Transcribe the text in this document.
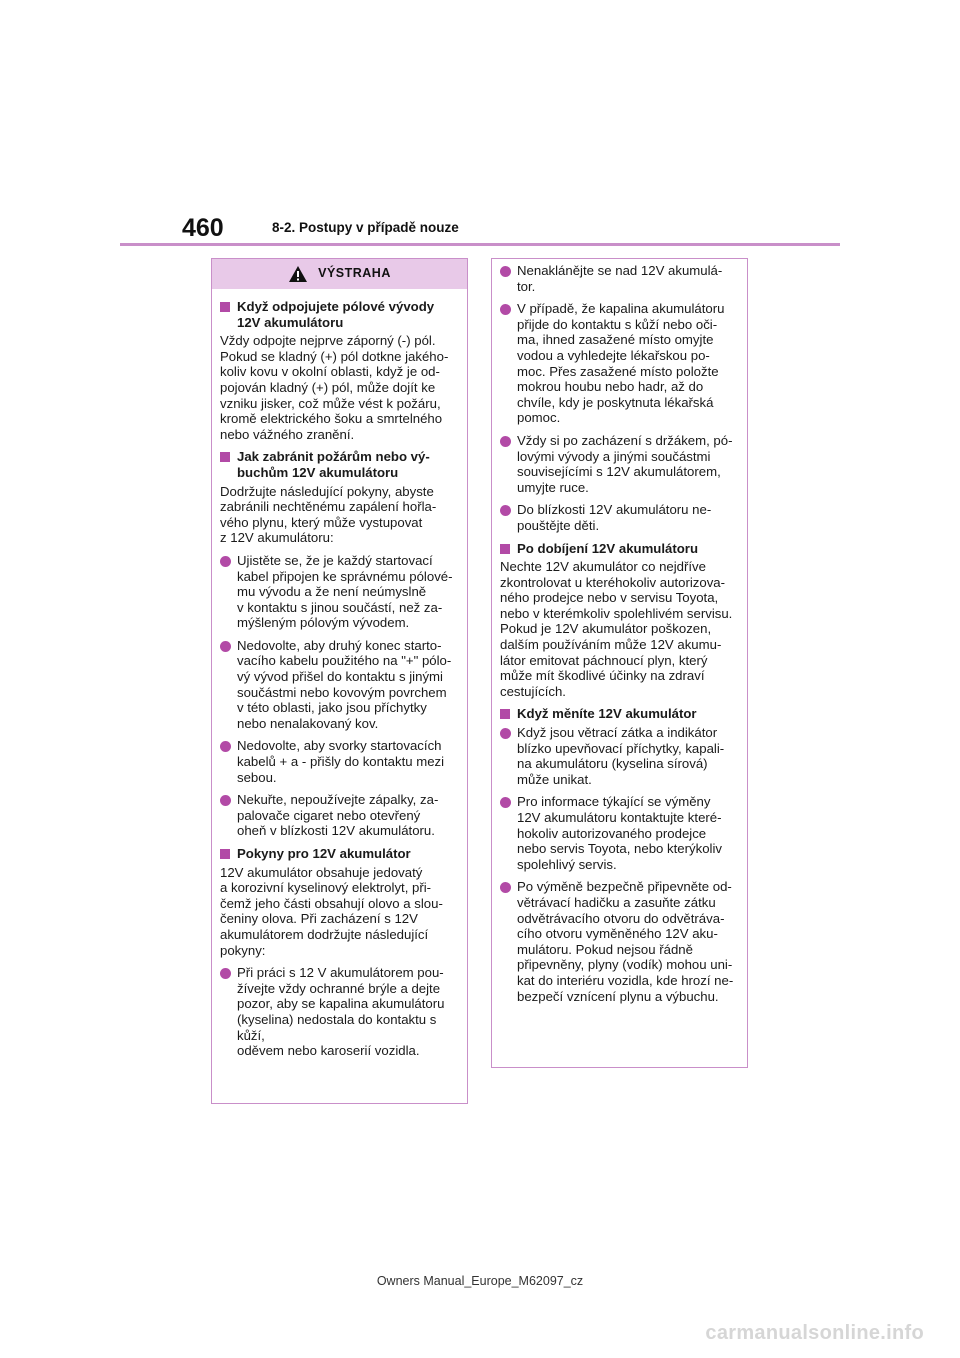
460	8-2. Postupy v případě nouze
VÝSTRAHA
Když odpojujete pólové vývody
12V akumulátoru
Vždy odpojte nejprve záporný (-) pól.
Pokud se kladný (+) pól dotkne jakého-
koliv kovu v okolní oblasti, když je od-
pojován kladný (+) pól, může dojít ke
vzniku jisker, což může vést k požáru,
kromě elektrického šoku a smrtelného
nebo vážného zranění.
Jak zabránit požárům nebo vý-
buchům 12V akumulátoru
Dodržujte následující pokyny, abyste
zabránili nechtěnému zapálení hořla-
vého plynu, který může vystupovat
z 12V akumulátoru:
Ujistěte se, že je každý startovací
kabel připojen ke správnému pólové-
mu vývodu a že není neúmyslně
v kontaktu s jinou součástí, než za-
mýšleným pólovým vývodem.
Nedovolte, aby druhý konec starto-
vacího kabelu použitého na "+" pólo-
vý vývod přišel do kontaktu s jinými
součástmi nebo kovovým povrchem
v této oblasti, jako jsou příchytky
nebo nenalakovaný kov.
Nedovolte, aby svorky startovacích
kabelů + a - přišly do kontaktu mezi
sebou.
Nekuřte, nepoužívejte zápalky, za-
palovače cigaret nebo otevřený
oheň v blízkosti 12V akumulátoru.
Pokyny pro 12V akumulátor
12V akumulátor obsahuje jedovatý
a korozivní kyselinový elektrolyt, při-
čemž jeho části obsahují olovo a slou-
čeniny olova. Při zacházení s 12V
akumulátorem dodržujte následující
pokyny:
Při práci s 12 V akumulátorem pou-
žívejte vždy ochranné brýle a dejte
pozor, aby se kapalina akumulátoru
(kyselina) nedostala do kontaktu s kůží,
oděvem nebo karoserií vozidla.
Nenaklánějte se nad 12V akumulá-
tor.
V případě, že kapalina akumulátoru
přijde do kontaktu s kůží nebo oči-
ma, ihned zasažené místo omyjte
vodou a vyhledejte lékařskou po-
moc. Přes zasažené místo položte
mokrou houbu nebo hadr, až do
chvíle, kdy je poskytnuta lékařská
pomoc.
Vždy si po zacházení s držákem, pó-
lovými vývody a jinými součástmi
souvisejícími s 12V akumulátorem,
umyjte ruce.
Do blízkosti 12V akumulátoru ne-
pouštějte děti.
Po dobíjení 12V akumulátoru
Nechte 12V akumulátor co nejdříve
zkontrolovat u kteréhokoliv autorizova-
ného prodejce nebo v servisu Toyota,
nebo v kterémkoliv spolehlivém servisu.
Pokud je 12V akumulátor poškozen,
dalším používáním může 12V akumu-
látor emitovat páchnoucí plyn, který
může mít škodlivé účinky na zdraví
cestujících.
Když měníte 12V akumulátor
Když jsou větrací zátka a indikátor
blízko upevňovací příchytky, kapali-
na akumulátoru (kyselina sírová)
může unikat.
Pro informace týkající se výměny
12V akumulátoru kontaktujte které-
hokoliv autorizovaného prodejce
nebo servis Toyota, nebo kterýkoliv
spolehlivý servis.
Po výměně bezpečně připevněte od-
větrávací hadičku a zasuňte zátku
odvětrávacího otvoru do odvětráva-
cího otvoru vyměněného 12V aku-
mulátoru. Pokud nejsou řádně
připevněny, plyny (vodík) mohou uni-
kat do interiéru vozidla, kde hrozí ne-
bezpečí vznícení plynu a výbuchu.
Owners Manual_Europe_M62097_cz
carmanualsonline.info
